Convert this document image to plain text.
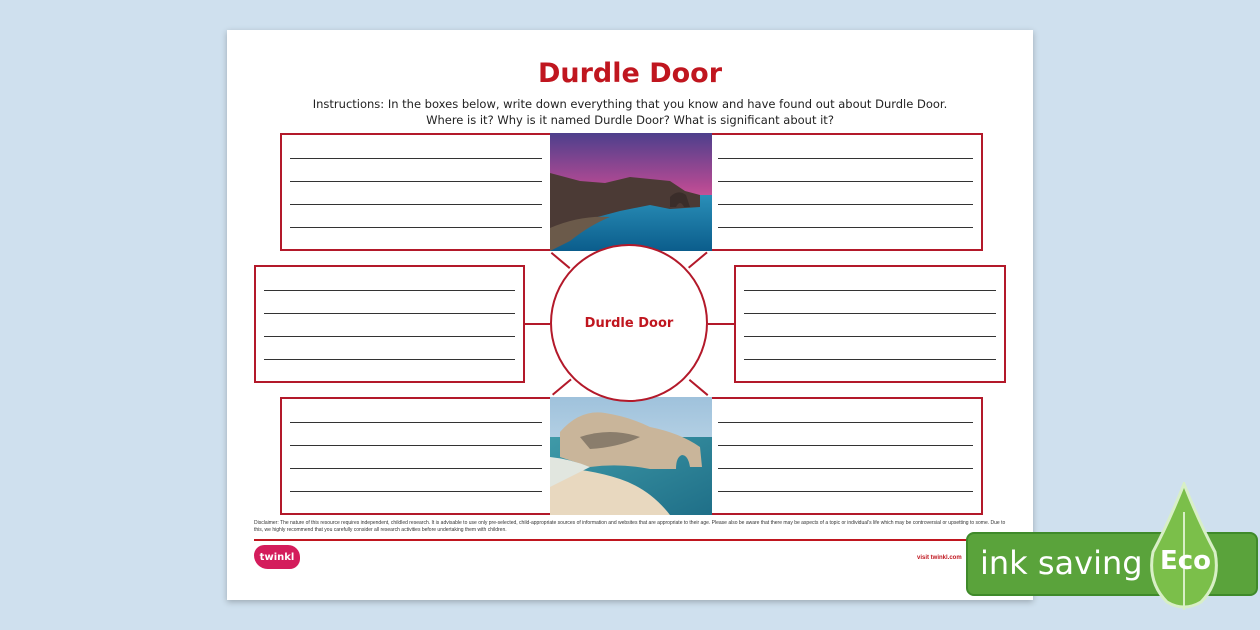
Durdle Door
Instructions: In the boxes below, write down everything that you know and have found out about Durdle Door.
Where is it? Why is it named Durdle Door? What is significant about it?
Durdle Door
Disclaimer: The nature of this resource requires independent, childled research. It is advisable to use only pre-selected, child-appropriate sources of information and websites that are appropriate to their age. Please also be aware that there may be aspects of a topic or individual's life which may be controversial or upsetting to some. Due to this, we highly recommend that you carefully consider all research activities before undertaking them with children.
twinkl	visit twinkl.com ink saving Eco
